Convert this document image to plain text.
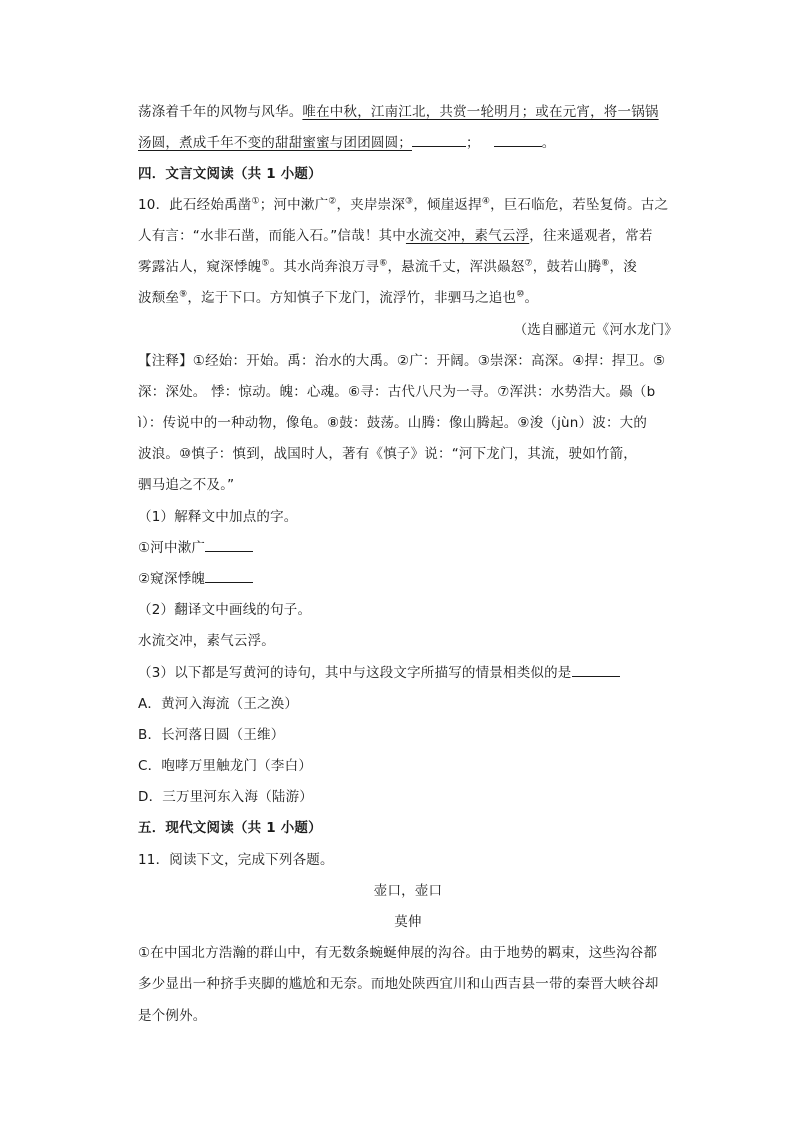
荡涤着千年的风物与风华。唯在中秋，江南江北，共赏一轮明月；或在元宵，将一锅锅
汤圆，煮成千年不变的甜甜蜜蜜与团团圆圆；	；	。
四．文言文阅读（共 1 小题）
10．此石经始禹凿①；河中漱广②，夹岸崇深③，倾崖返捍④，巨石临危，若坠复倚。古之
人有言：“水非石凿，而能入石。”信哉！其中水流交冲，素气云浮，往来遥观者，常若
雾露沾人，窥深悸魄⑤。其水尚奔浪万寻⑥，悬流千丈，浑洪赑怒⑦，鼓若山腾⑧，浚
波颓垒⑨，迄于下口。方知慎子下龙门，流浮竹，非驷马之追也⑩。
（选自郦道元《河水龙门》
【注释】①经始：开始。禹：治水的大禹。②广：开阔。③崇深：高深。④捍：捍卫。⑤
深：深处。 悸：惊动。魄：心魂。⑥寻：古代八尺为一寻。⑦浑洪：水势浩大。赑（b
ì）：传说中的一种动物，像龟。⑧鼓：鼓荡。山腾：像山腾起。⑨浚（jùn）波：大的
波浪。⑩慎子：慎到，战国时人，著有《慎子》说：“河下龙门，其流，驶如竹箭，
驷马追之不及。”
（1）解释文中加点的字。
①河中漱广
②窥深悸魄
（2）翻译文中画线的句子。
水流交冲，素气云浮。
（3）以下都是写黄河的诗句，其中与这段文字所描写的情景相类似的是
A．黄河入海流（王之涣）
B．长河落日圆（王维）
C．咆哮万里触龙门（李白）
D．三万里河东入海（陆游）
五．现代文阅读（共 1 小题）
11．阅读下文，完成下列各题。
壶口，壶口
莫伸
①在中国北方浩瀚的群山中，有无数条蜿蜒伸展的沟谷。由于地势的羁束，这些沟谷都
多少显出一种挤手夹脚的尴尬和无奈。而地处陕西宜川和山西吉县一带的秦晋大峡谷却
是个例外。
